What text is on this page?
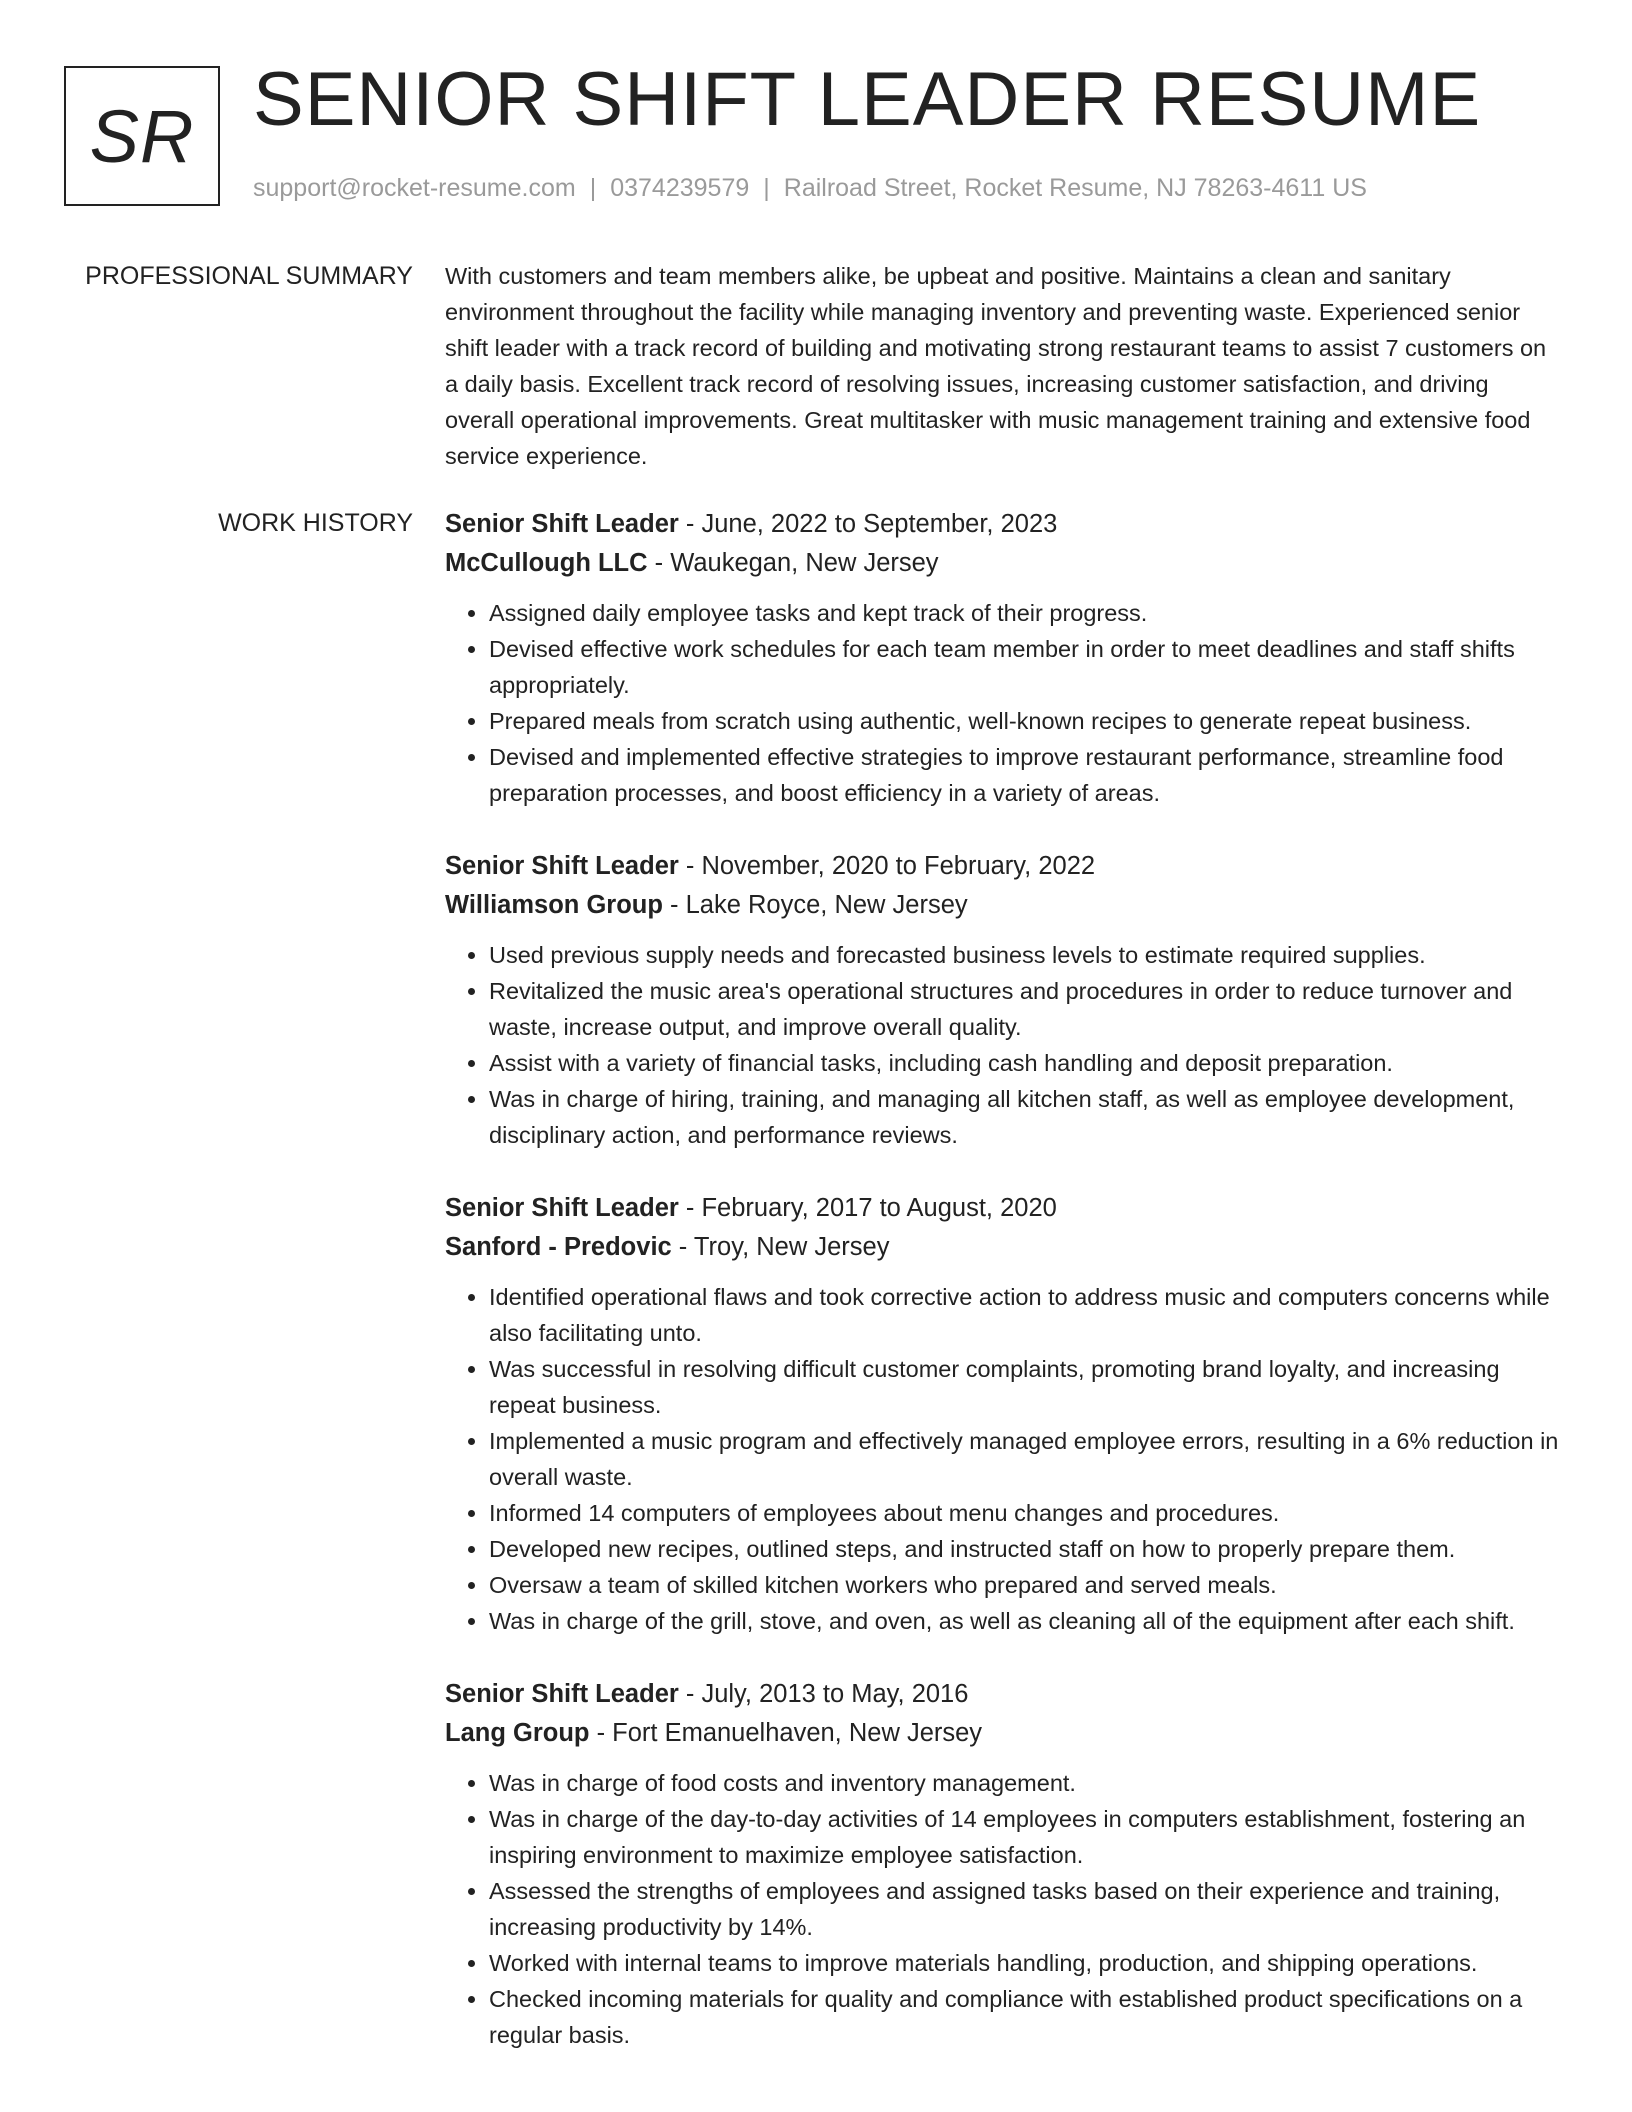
SR SENIOR SHIFT LEADER RESUME
support@rocket-resume.com | 0374239579 | Railroad Street, Rocket Resume, NJ 78263-4611 US
PROFESSIONAL SUMMARY With customers and team members alike, be upbeat and positive. Maintains a clean and sanitary environment throughout the facility while managing inventory and preventing waste. Experienced senior shift leader with a track record of building and motivating strong restaurant teams to assist 7 customers on a daily basis. Excellent track record of resolving issues, increasing customer satisfaction, and driving overall operational improvements. Great multitasker with music management training and extensive food service experience.

WORK HISTORY Senior Shift Leader - June, 2022 to September, 2023
McCullough LLC - Waukegan, New Jersey
• Assigned daily employee tasks and kept track of their progress.
• Devised effective work schedules for each team member in order to meet deadlines and staff shifts appropriately.
• Prepared meals from scratch using authentic, well-known recipes to generate repeat business.
• Devised and implemented effective strategies to improve restaurant performance, streamline food preparation processes, and boost efficiency in a variety of areas.
Senior Shift Leader - November, 2020 to February, 2022
Williamson Group - Lake Royce, New Jersey
• Used previous supply needs and forecasted business levels to estimate required supplies.
• Revitalized the music area's operational structures and procedures in order to reduce turnover and waste, increase output, and improve overall quality.
• Assist with a variety of financial tasks, including cash handling and deposit preparation.
• Was in charge of hiring, training, and managing all kitchen staff, as well as employee development, disciplinary action, and performance reviews.
Senior Shift Leader - February, 2017 to August, 2020
Sanford - Predovic - Troy, New Jersey
• Identified operational flaws and took corrective action to address music and computers concerns while also facilitating unto.
• Was successful in resolving difficult customer complaints, promoting brand loyalty, and increasing repeat business.
• Implemented a music program and effectively managed employee errors, resulting in a 6% reduction in overall waste.
• Informed 14 computers of employees about menu changes and procedures.
• Developed new recipes, outlined steps, and instructed staff on how to properly prepare them.
• Oversaw a team of skilled kitchen workers who prepared and served meals.
• Was in charge of the grill, stove, and oven, as well as cleaning all of the equipment after each shift.
Senior Shift Leader - July, 2013 to May, 2016
Lang Group - Fort Emanuelhaven, New Jersey
• Was in charge of food costs and inventory management.
• Was in charge of the day-to-day activities of 14 employees in computers establishment, fostering an inspiring environment to maximize employee satisfaction.
• Assessed the strengths of employees and assigned tasks based on their experience and training, increasing productivity by 14%.
• Worked with internal teams to improve materials handling, production, and shipping operations.
• Checked incoming materials for quality and compliance with established product specifications on a regular basis.
